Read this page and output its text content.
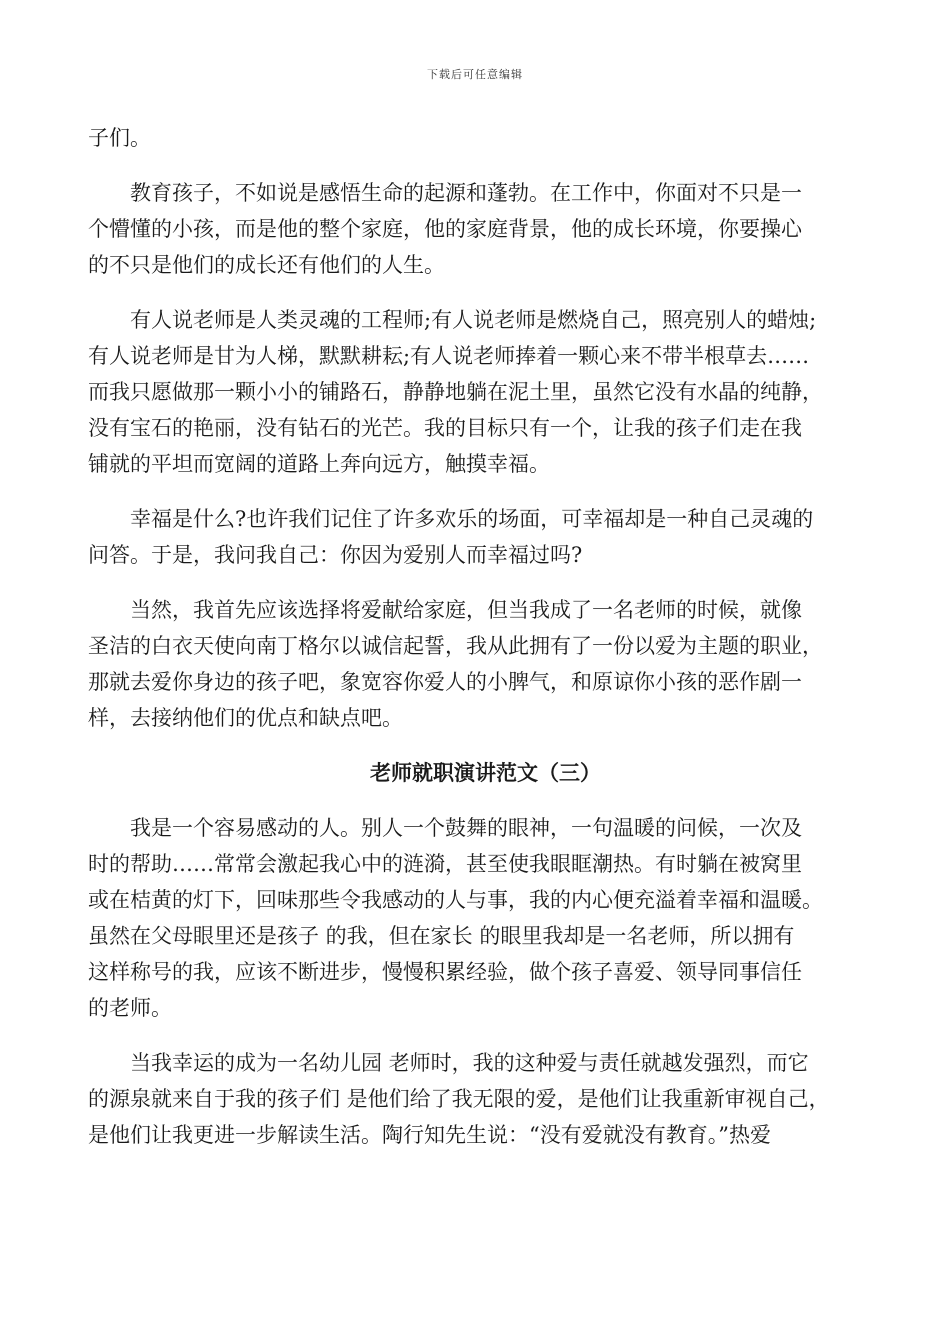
下载后可任意编辑

子们。

　　教育孩子，不如说是感悟生命的起源和蓬勃。在工作中，你面对不只是一
个懵懂的小孩，而是他的整个家庭，他的家庭背景，他的成长环境，你要操心
的不只是他们的成长还有他们的人生。

　　有人说老师是人类灵魂的工程师;有人说老师是燃烧自己，照亮别人的蜡烛;
有人说老师是甘为人梯，默默耕耘;有人说老师捧着一颗心来不带半根草去……
而我只愿做那一颗小小的铺路石，静静地躺在泥土里，虽然它没有水晶的纯静，
没有宝石的艳丽，没有钻石的光芒。我的目标只有一个，让我的孩子们走在我
铺就的平坦而宽阔的道路上奔向远方，触摸幸福。

　　幸福是什么?也许我们记住了许多欢乐的场面，可幸福却是一种自己灵魂的
问答。于是，我问我自己：你因为爱别人而幸福过吗?

　　当然，我首先应该选择将爱献给家庭，但当我成了一名老师的时候，就像
圣洁的白衣天使向南丁格尔以诚信起誓，我从此拥有了一份以爱为主题的职业，
那就去爱你身边的孩子吧，象宽容你爱人的小脾气，和原谅你小孩的恶作剧一
样，去接纳他们的优点和缺点吧。

老师就职演讲范文（三）

　　我是一个容易感动的人。别人一个鼓舞的眼神，一句温暖的问候，一次及
时的帮助……常常会激起我心中的涟漪，甚至使我眼眶潮热。有时躺在被窝里
或在桔黄的灯下，回味那些令我感动的人与事，我的内心便充溢着幸福和温暖。
虽然在父母眼里还是孩子 的我，但在家长 的眼里我却是一名老师，所以拥有
这样称号的我，应该不断进步，慢慢积累经验，做个孩子喜爱、领导同事信任
的老师。

　　当我幸运的成为一名幼儿园 老师时，我的这种爱与责任就越发强烈，而它
的源泉就来自于我的孩子们 是他们给了我无限的爱，是他们让我重新审视自己，
是他们让我更进一步解读生活。陶行知先生说：“没有爱就没有教育。”热爱
